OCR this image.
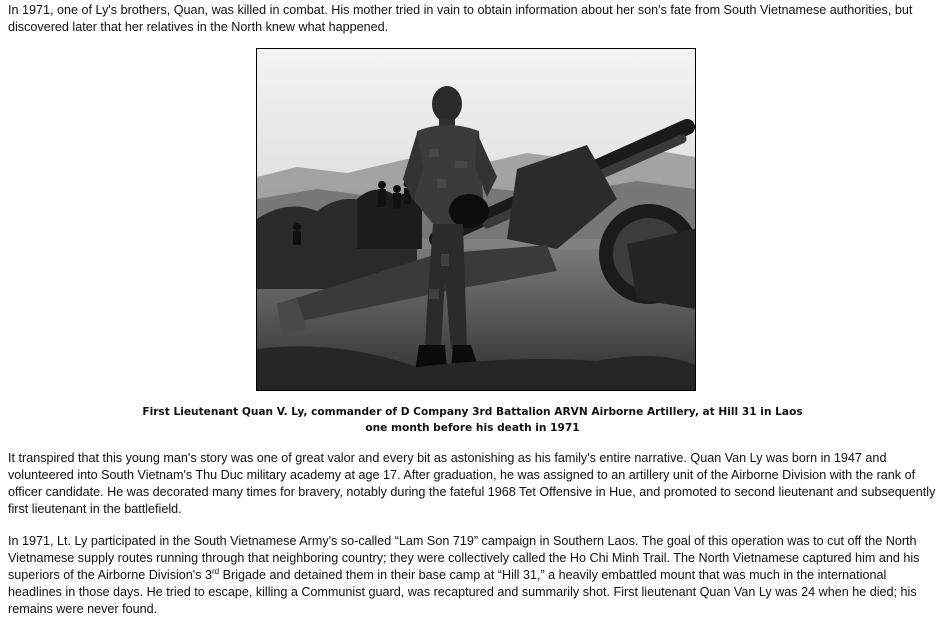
In 1971, one of Ly's brothers, Quan, was killed in combat. His mother tried in vain to obtain information about her son's fate from South Vietnamese authorities, but discovered later that her relatives in the North knew what happened.

First Lieutenant Quan V. Ly, commander of D Company 3rd Battalion ARVN Airborne Artillery, at Hill 31 in Laos
one month before his death in 1971

It transpired that this young man's story was one of great valor and every bit as astonishing as his family's entire narrative. Quan Van Ly was born in 1947 and volunteered into South Vietnam's Thu Duc military academy at age 17. After graduation, he was assigned to an artillery unit of the Airborne Division with the rank of officer candidate. He was decorated many times for bravery, notably during the fateful 1968 Tet Offensive in Hue, and promoted to second lieutenant and subsequently first lieutenant in the battlefield.

In 1971, Lt. Ly participated in the South Vietnamese Army's so-called “Lam Son 719” campaign in Southern Laos. The goal of this operation was to cut off the North Vietnamese supply routes running through that neighboring country; they were collectively called the Ho Chi Minh Trail. The North Vietnamese captured him and his superiors of the Airborne Division's 3rd Brigade and detained them in their base camp at “Hill 31,” a heavily embattled mount that was much in the international headlines in those days. He tried to escape, killing a Communist guard, was recaptured and summarily shot. First lieutenant Quan Van Ly was 24 when he died; his remains were never found.
